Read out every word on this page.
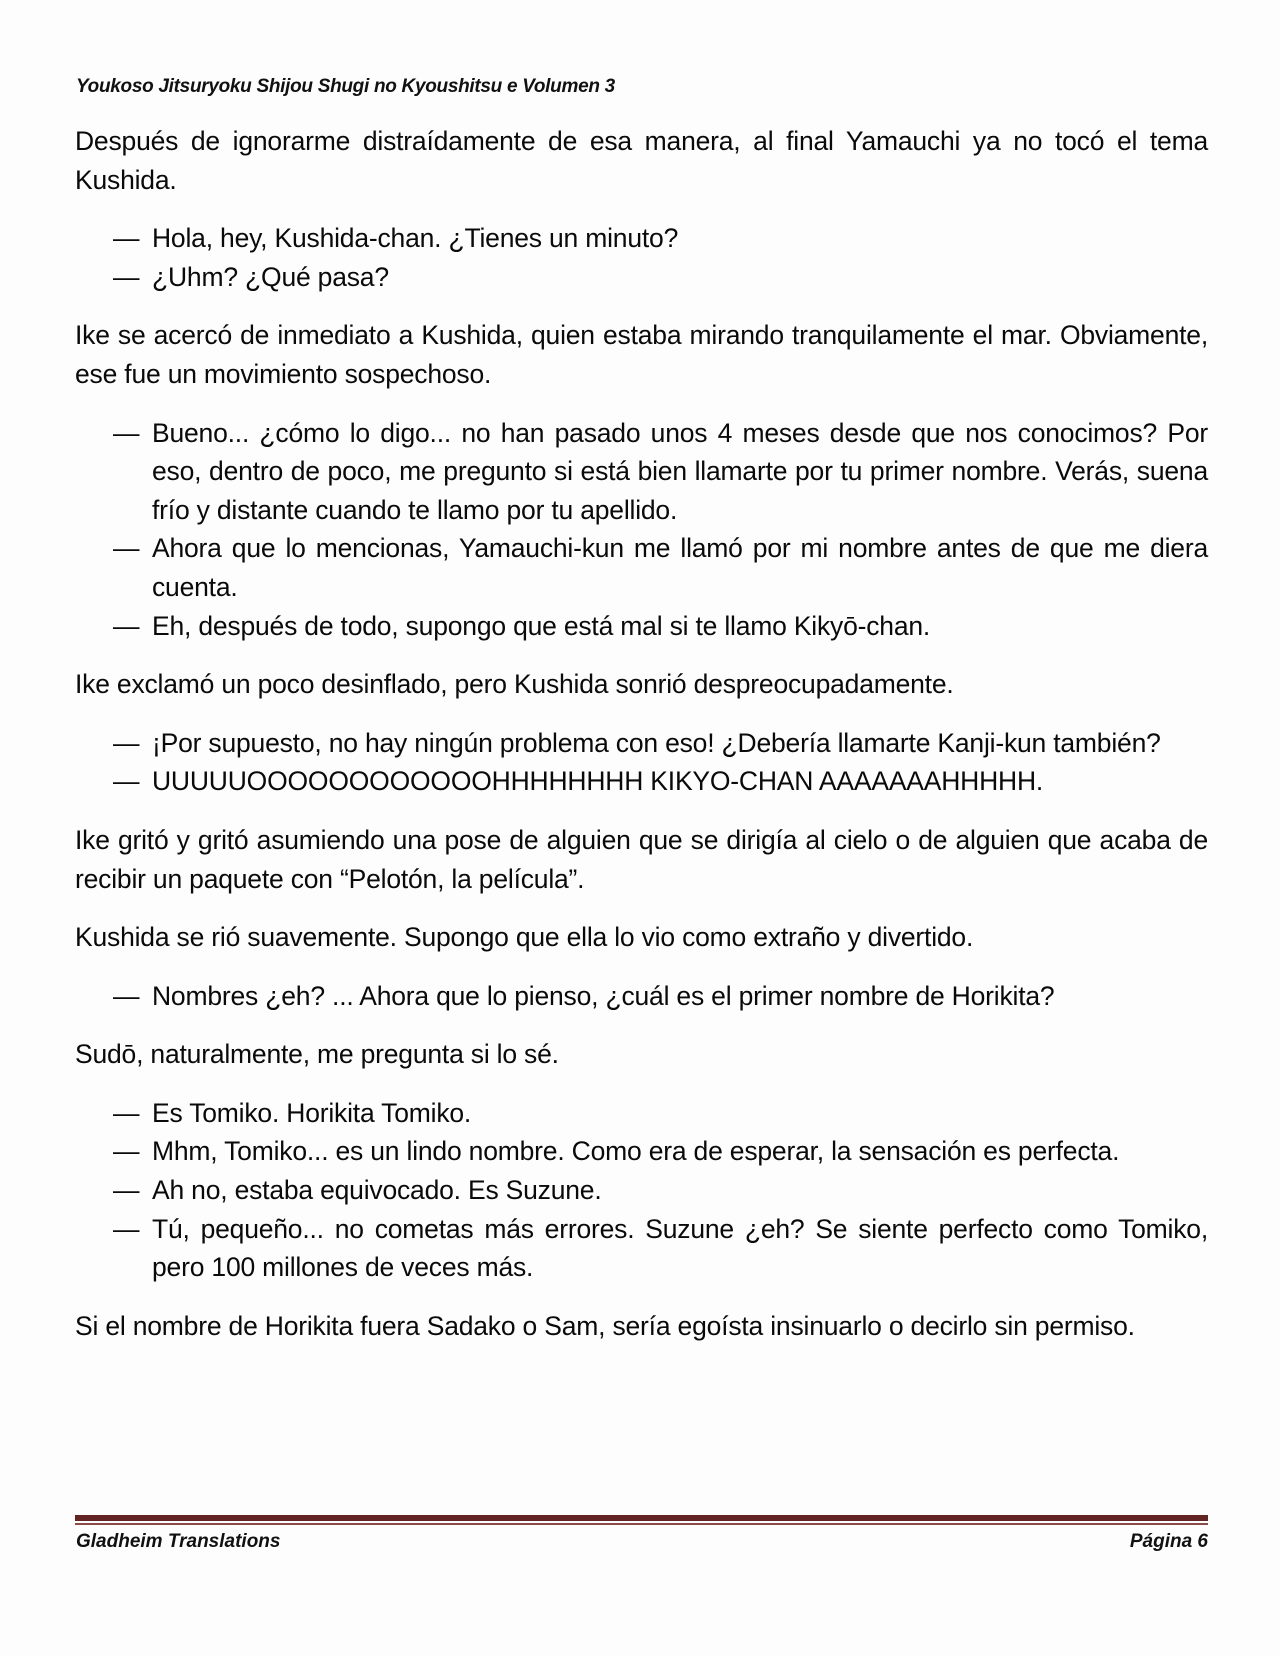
Youkoso Jitsuryoku Shijou Shugi no Kyoushitsu e Volumen 3

Después de ignorarme distraídamente de esa manera, al final Yamauchi ya no tocó el tema Kushida.

— Hola, hey, Kushida-chan. ¿Tienes un minuto?
— ¿Uhm? ¿Qué pasa?

Ike se acercó de inmediato a Kushida, quien estaba mirando tranquilamente el mar. Obviamente, ese fue un movimiento sospechoso.

— Bueno... ¿cómo lo digo... no han pasado unos 4 meses desde que nos conocimos? Por eso, dentro de poco, me pregunto si está bien llamarte por tu primer nombre. Verás, suena frío y distante cuando te llamo por tu apellido.
— Ahora que lo mencionas, Yamauchi-kun me llamó por mi nombre antes de que me diera cuenta.
— Eh, después de todo, supongo que está mal si te llamo Kikyō-chan.

Ike exclamó un poco desinflado, pero Kushida sonrió despreocupadamente.

— ¡Por supuesto, no hay ningún problema con eso! ¿Debería llamarte Kanji-kun también?
— UUUUUOOOOOOOOOOOOHHHHHHHH KIKYO-CHAN AAAAAAAHHHHH.

Ike gritó y gritó asumiendo una pose de alguien que se dirigía al cielo o de alguien que acaba de recibir un paquete con “Pelotón, la película”.

Kushida se rió suavemente. Supongo que ella lo vio como extraño y divertido.

— Nombres ¿eh? ... Ahora que lo pienso, ¿cuál es el primer nombre de Horikita?

Sudō, naturalmente, me pregunta si lo sé.

— Es Tomiko. Horikita Tomiko.
— Mhm, Tomiko... es un lindo nombre. Como era de esperar, la sensación es perfecta.
— Ah no, estaba equivocado. Es Suzune.
— Tú, pequeño... no cometas más errores. Suzune ¿eh? Se siente perfecto como Tomiko, pero 100 millones de veces más.

Si el nombre de Horikita fuera Sadako o Sam, sería egoísta insinuarlo o decirlo sin permiso.

Gladheim Translations	Página 6
